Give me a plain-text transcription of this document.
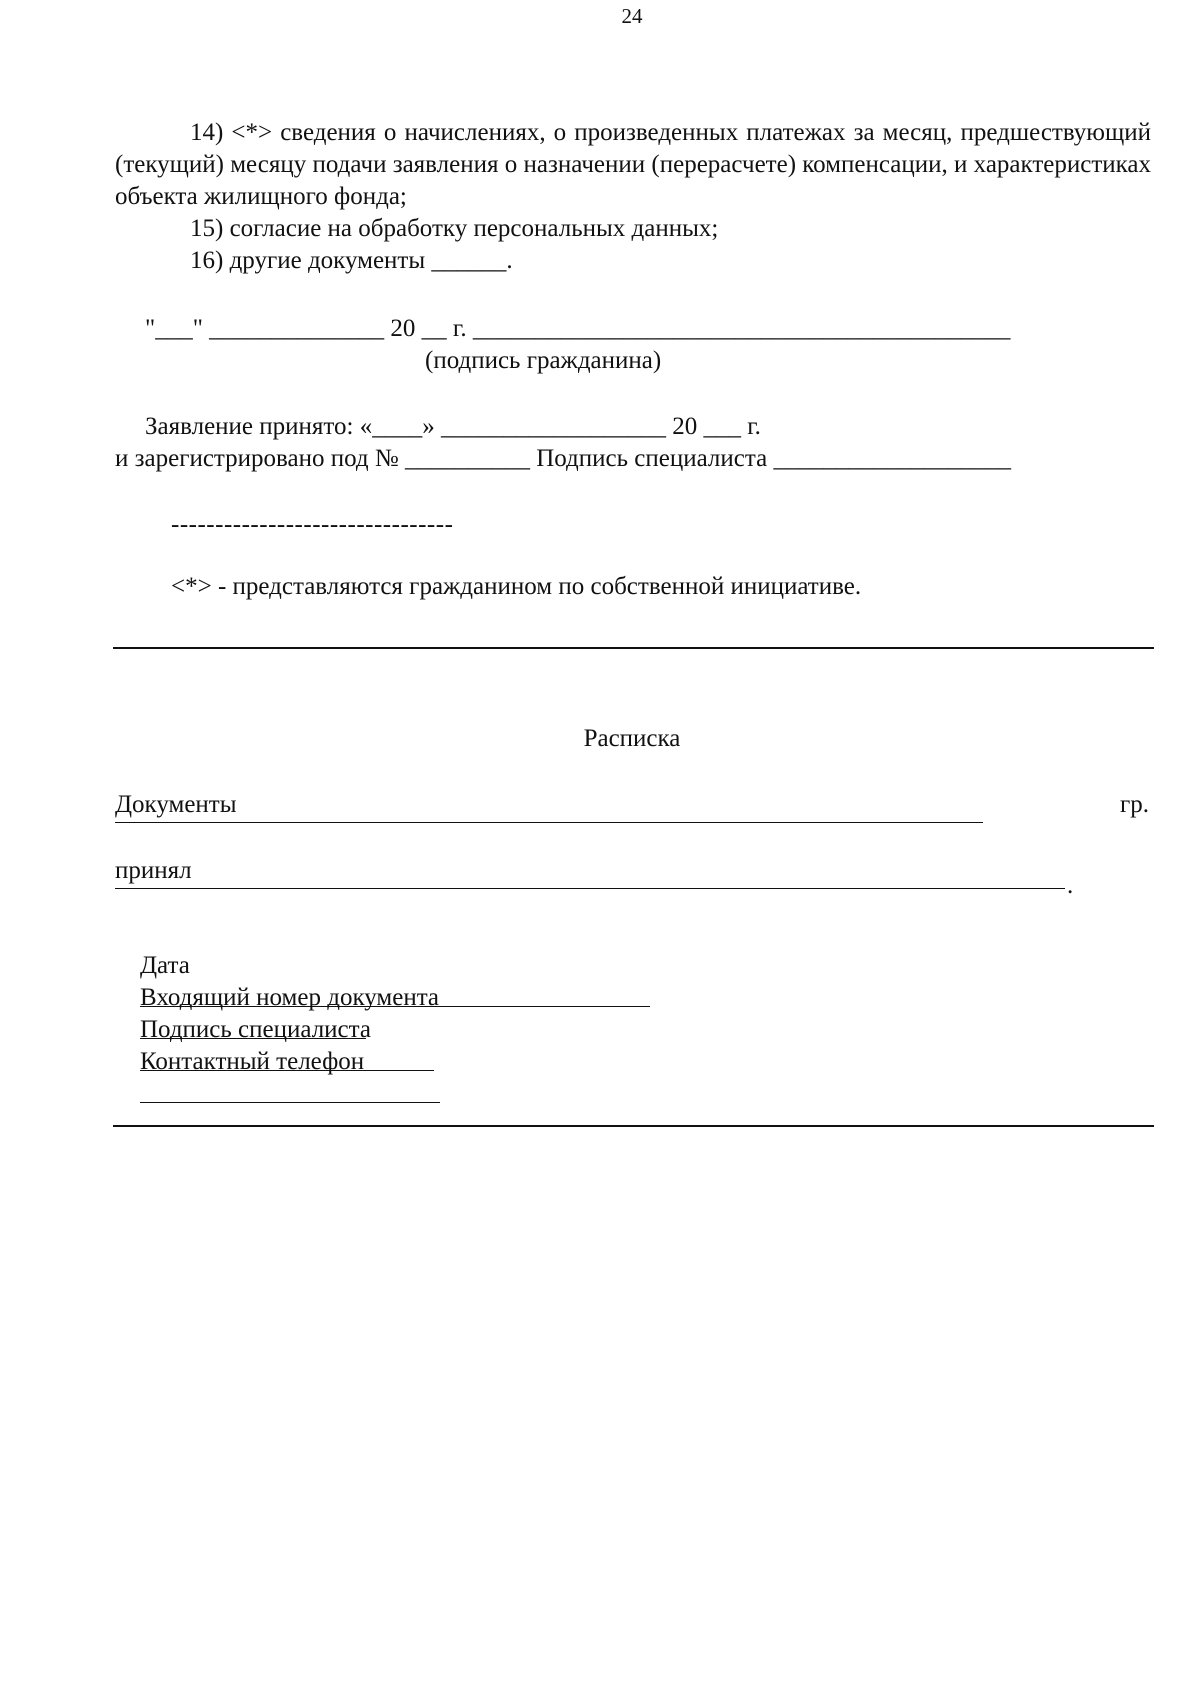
24
14) <*> сведения о начислениях, о произведенных платежах за месяц, предшествующий (текущий) месяцу подачи заявления о назначении (перерасчете) компенсации, и характеристиках объекта жилищного фонда;
15) согласие на обработку персональных данных;
16) другие документы ______.
"___" ______________ 20 __ г. ___________________________________________
(подпись гражданина)
Заявление принято: «____» __________________ 20 ___ г.
и зарегистрировано под № __________ Подпись специалиста ___________________
--------------------------------
<*> - представляются гражданином по собственной инициативе.
Расписка
Документы	гр.
принял
.

Дата

Входящий номер документа

Подпись специалиста

Контактный телефон
